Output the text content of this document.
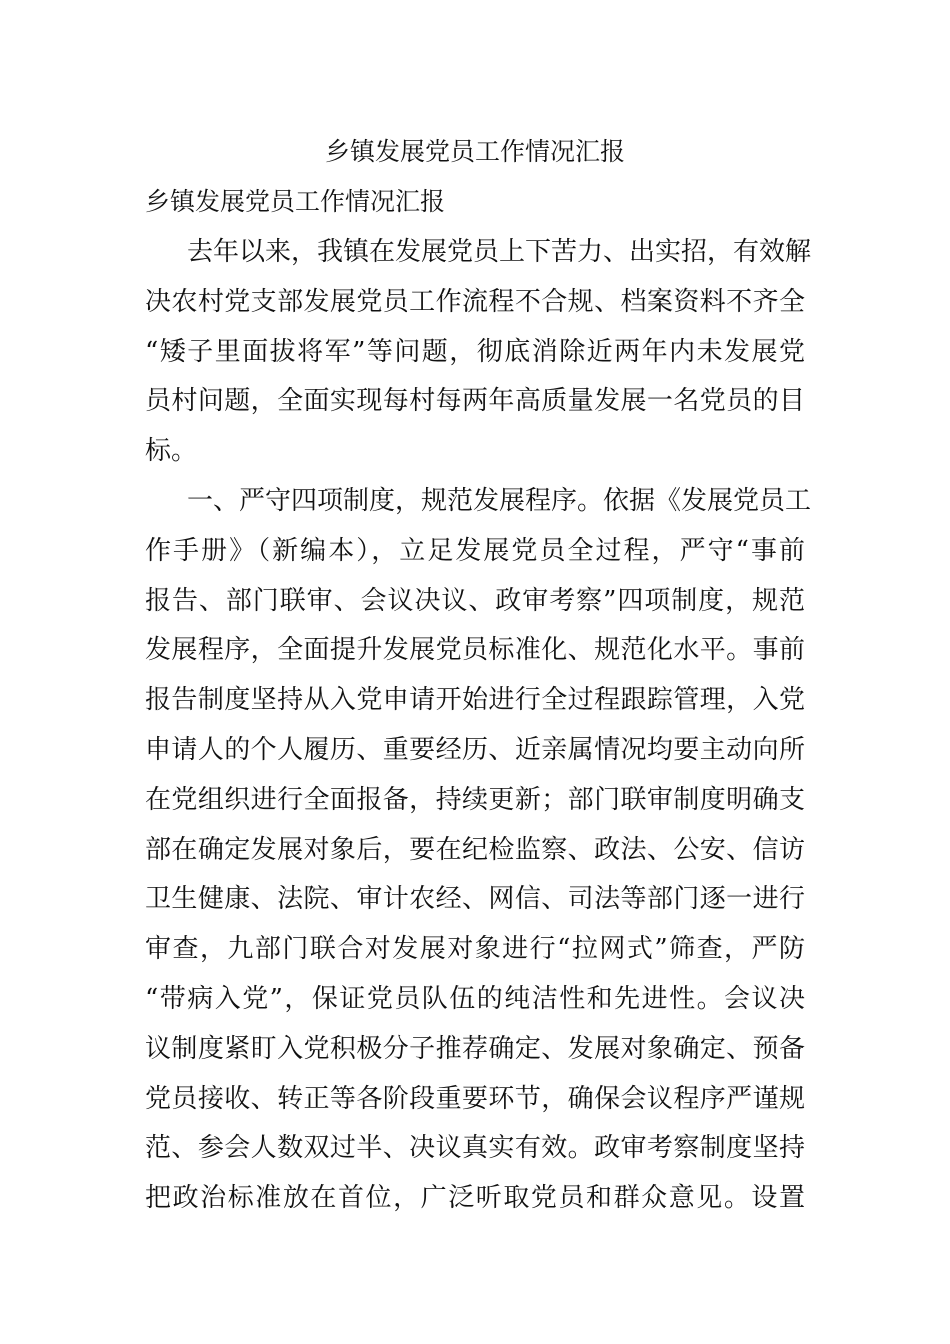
乡镇发展党员工作情况汇报
乡镇发展党员工作情况汇报
去年以来，我镇在发展党员上下苦力、出实招，有效解
决农村党支部发展党员工作流程不合规、档案资料不齐全
“矮子里面拔将军”等问题，彻底消除近两年内未发展党
员村问题，全面实现每村每两年高质量发展一名党员的目
标。
一、严守四项制度，规范发展程序。依据《发展党员工
作手册》（新编本），立足发展党员全过程，严守“事前
报告、部门联审、会议决议、政审考察”四项制度，规范
发展程序，全面提升发展党员标准化、规范化水平。事前
报告制度坚持从入党申请开始进行全过程跟踪管理，入党
申请人的个人履历、重要经历、近亲属情况均要主动向所
在党组织进行全面报备，持续更新；部门联审制度明确支
部在确定发展对象后，要在纪检监察、政法、公安、信访
卫生健康、法院、审计农经、网信、司法等部门逐一进行
审查，九部门联合对发展对象进行“拉网式”筛查，严防
“带病入党”，保证党员队伍的纯洁性和先进性。会议决
议制度紧盯入党积极分子推荐确定、发展对象确定、预备
党员接收、转正等各阶段重要环节，确保会议程序严谨规
范、参会人数双过半、决议真实有效。政审考察制度坚持
把政治标准放在首位，广泛听取党员和群众意见。设置
